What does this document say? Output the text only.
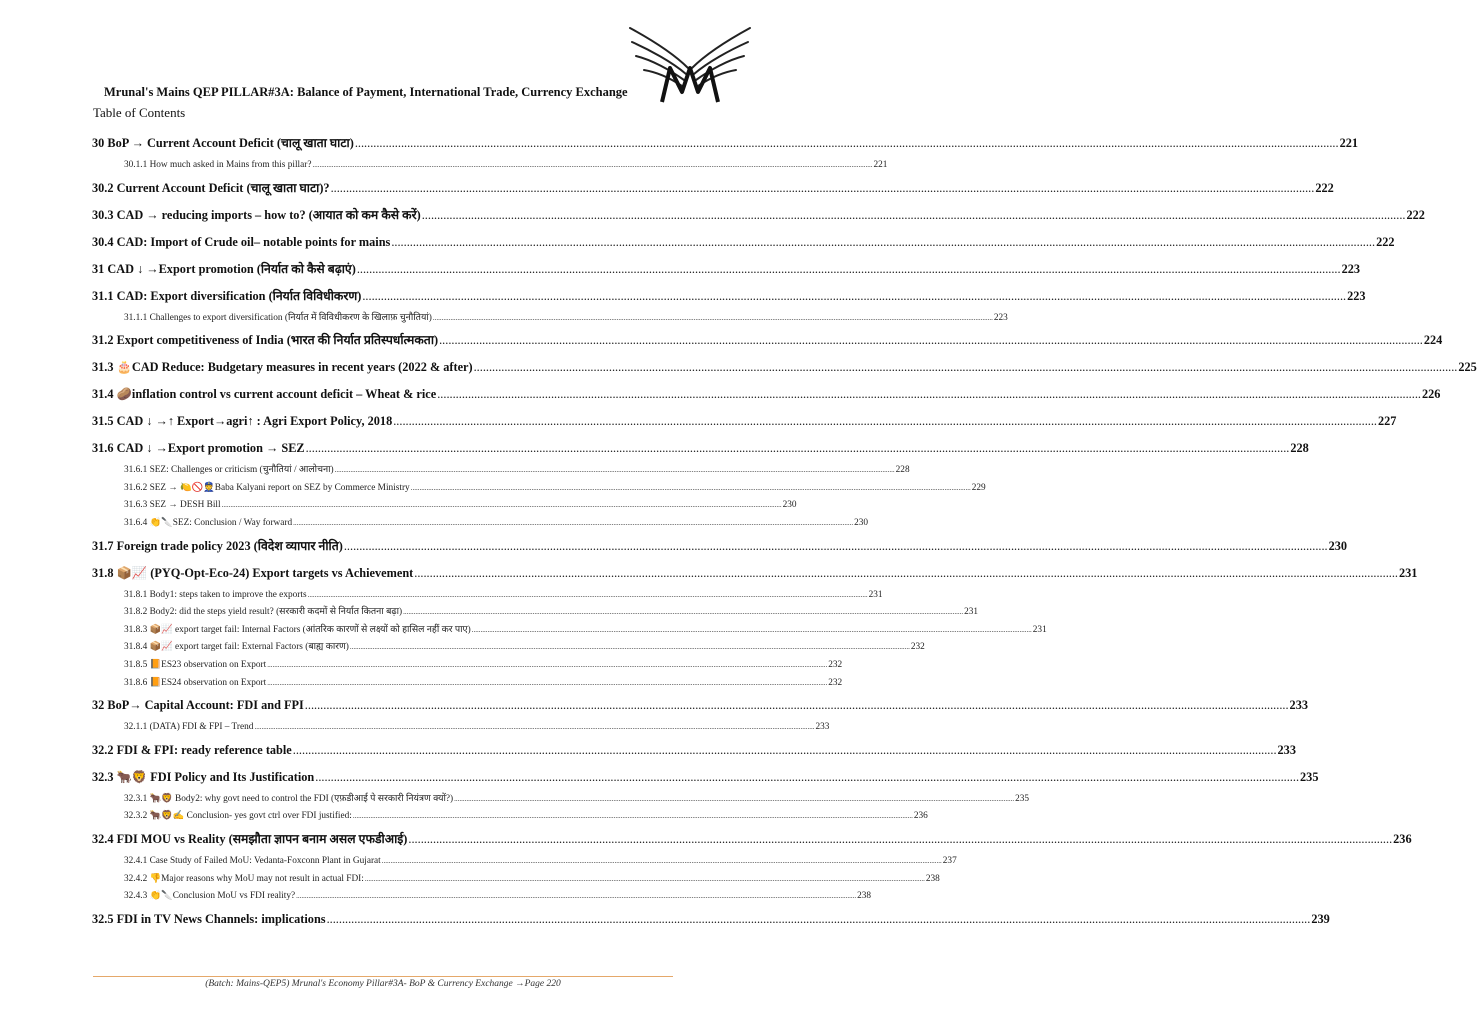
Mrunal's Mains QEP PILLAR#3A: Balance of Payment, International Trade, Currency Exchange
Table of Contents
30 BoP → Current Account Deficit (चालू खाता घाटा) .....	221
30.1.1 How much asked in Mains from this pillar? .....	221
30.2 Current Account Deficit (चालू खाता घाटा)? .....	222
30.3 CAD → reducing imports – how to? (आयात को कम कैसे करें) .....	222
30.4 CAD: Import of Crude oil– notable points for mains .....	222
31 CAD ↓ →Export promotion (निर्यात को कैसे बढ़ाएं) .....	223
31.1 CAD: Export diversification (निर्यात विविधीकरण) .....	223
31.1.1 Challenges to export diversification (निर्यात में विविधीकरण के खिलाफ़ चुनौतियां) .....	223
31.2 Export competitiveness of India (भारत की निर्यात प्रतिस्पर्धात्मकता) .....	224
31.3 🎂CAD Reduce: Budgetary measures in recent years (2022 & after) .....	225
31.4 🥔inflation control vs current account deficit – Wheat & rice .....	226
31.5 CAD ↓ →↑ Export→agri↑ : Agri Export Policy, 2018 .....	227
31.6 CAD ↓ →Export promotion → SEZ .....	228
31.6.1 SEZ: Challenges or criticism (चुनौतियां / आलोचना) .....	228
31.6.2 SEZ → 🍋🚫👮Baba Kalyani report on SEZ by Commerce Ministry .....	229
31.6.3 SEZ → DESH Bill .....	230
31.6.4 👏🔪SEZ: Conclusion / Way forward .....	230
31.7 Foreign trade policy 2023 (विदेश व्यापार नीति) .....	230
31.8 📦📈 (PYQ-Opt-Eco-24) Export targets vs Achievement .....	231
31.8.1 Body1: steps taken to improve the exports .....	231
31.8.2 Body2: did the steps yield result? (सरकारी कदमों से निर्यात कितना बढ़ा) .....	231
31.8.3 📦📈 export target fail: Internal Factors (आंतरिक कारणों से लक्ष्यों को हासिल नहीं कर पाए) .....	231
31.8.4 📦📈 export target fail: External Factors (बाह्य कारण) .....	232
31.8.5 📙ES23 observation on Export .....	232
31.8.6 📙ES24 observation on Export .....	232
32 BoP→ Capital Account: FDI and FPI .....	233
32.1.1 (DATA) FDI & FPI – Trend .....	233
32.2 FDI & FPI: ready reference table .....	233
32.3 🐂🦁 FDI Policy and Its Justification .....	235
32.3.1 🐂🦁 Body2: why govt need to control the FDI (एफ़डीआई पे सरकारी नियंत्रण क्यों?) .....	235
32.3.2 🐂🦁✍ Conclusion- yes govt ctrl over FDI justified: .....	236
32.4 FDI MOU vs Reality (समझौता ज्ञापन बनाम असल एफडीआई) .....	236
32.4.1 Case Study of Failed MoU: Vedanta-Foxconn Plant in Gujarat .....	237
32.4.2 👎Major reasons why MoU may not result in actual FDI: .....	238
32.4.3 👏🔪Conclusion MoU vs FDI reality? .....	238
32.5 FDI in TV News Channels: implications .....	239
(Batch: Mains-QEP5) Mrunal's Economy Pillar#3A- BoP & Currency Exchange →Page 220
